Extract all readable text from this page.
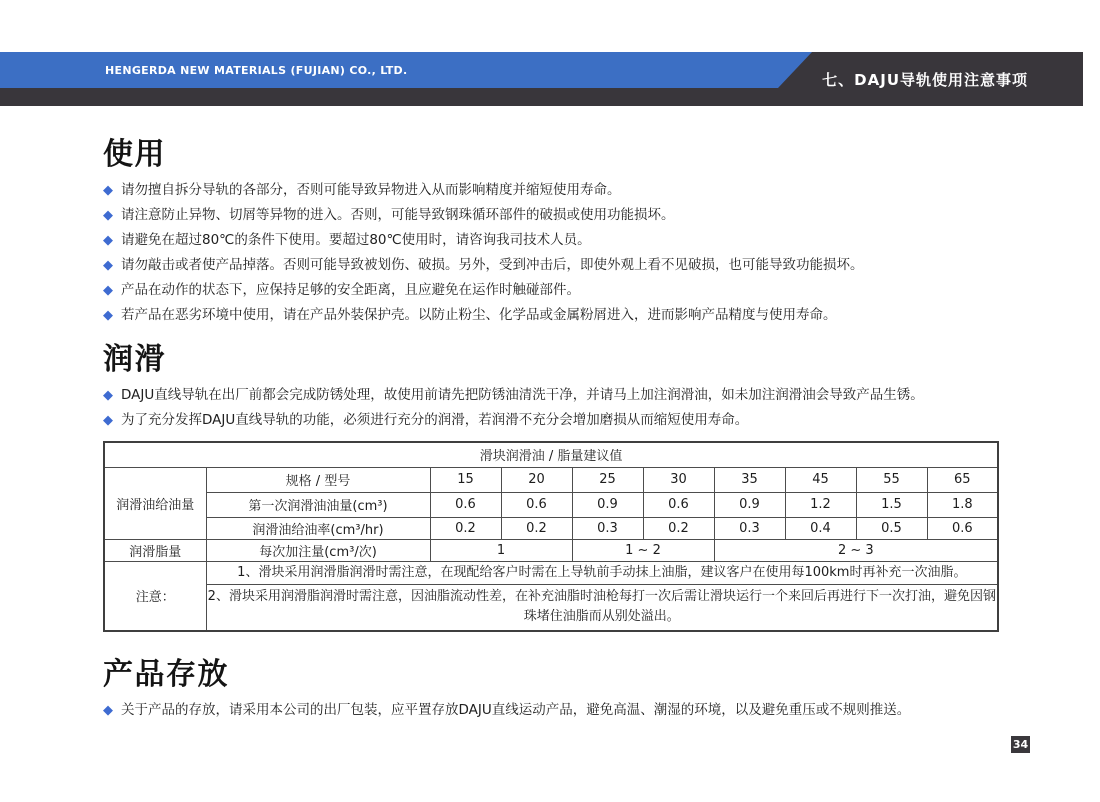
HENGERDA NEW MATERIALS (FUJIAN) CO., LTD.
七、DAJU导轨使用注意事项
使用
◆ 请勿擅自拆分导轨的各部分，否则可能导致异物进入从而影响精度并缩短使用寿命。
◆ 请注意防止异物、切屑等异物的进入。否则，可能导致钢珠循环部件的破损或使用功能损坏。
◆ 请避免在超过80℃的条件下使用。要超过80℃使用时，请咨询我司技术人员。
◆ 请勿敲击或者使产品掉落。否则可能导致被划伤、破损。另外，受到冲击后，即使外观上看不见破损，也可能导致功能损坏。
◆ 产品在动作的状态下，应保持足够的安全距离，且应避免在运作时触碰部件。
◆ 若产品在恶劣环境中使用，请在产品外装保护壳。以防止粉尘、化学品或金属粉屑进入，进而影响产品精度与使用寿命。
润滑
◆ DAJU直线导轨在出厂前都会完成防锈处理，故使用前请先把防锈油清洗干净，并请马上加注润滑油，如未加注润滑油会导致产品生锈。
◆ 为了充分发挥DAJU直线导轨的功能，必须进行充分的润滑，若润滑不充分会增加磨损从而缩短使用寿命。
滑块润滑油 / 脂量建议值									
润滑油给油量	规格 / 型号	15	20	25	30	35	45	55	65
	第一次润滑油油量(cm³)	0.6	0.6	0.9	0.6	0.9	1.2	1.5	1.8
	润滑油给油率(cm³/hr)	0.2	0.2	0.3	0.2	0.3	0.4	0.5	0.6
润滑脂量	每次加注量(cm³/次)	1		1 ~ 2		2 ~ 3			
注意：	1、滑块采用润滑脂润滑时需注意，在现配给客户时需在上导轨前手动抹上油脂，建议客户在使用每100km时再补充一次油脂。								
	2、滑块采用润滑脂润滑时需注意，因油脂流动性差，在补充油脂时油枪每打一次后需让滑块运行一个来回后再进行下一次打油，避免因钢珠堵住油脂而从别处溢出。								
产品存放
◆ 关于产品的存放，请采用本公司的出厂包装，应平置存放DAJU直线运动产品，避免高温、潮湿的环境，以及避免重压或不规则推送。
34
